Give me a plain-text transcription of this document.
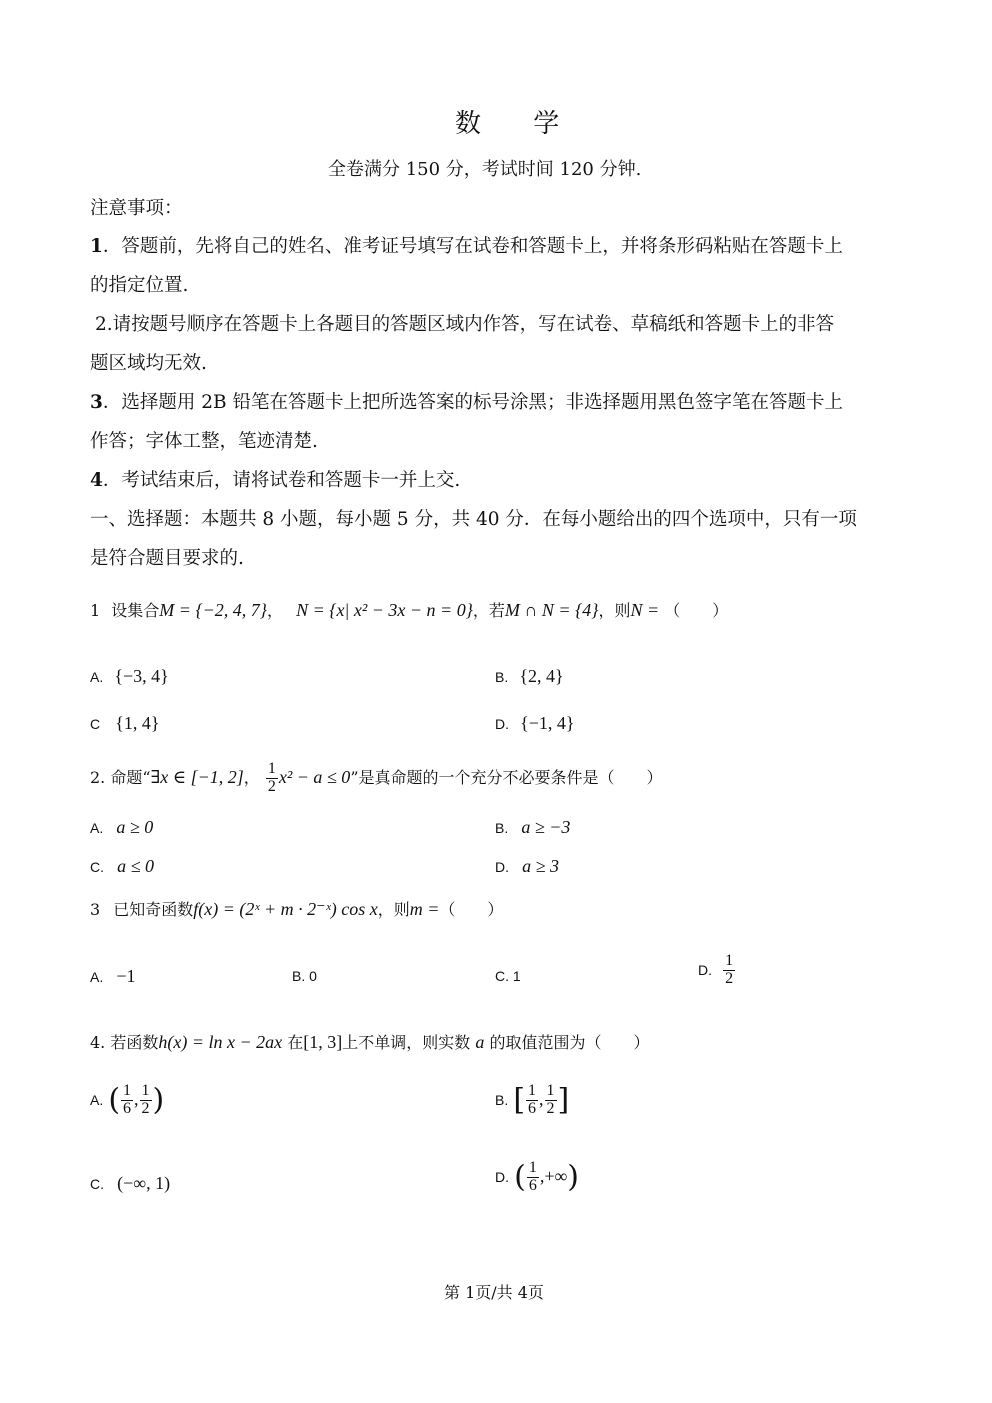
数 学
全卷满分 150 分，考试时间 120 分钟.
注意事项：
1．答题前，先将自己的姓名、准考证号填写在试卷和答题卡上，并将条形码粘贴在答题卡上
的指定位置.
2.请按题号顺序在答题卡上各题目的答题区域内作答，写在试卷、草稿纸和答题卡上的非答
题区域均无效.
3．选择题用 2B 铅笔在答题卡上把所选答案的标号涂黑；非选择题用黑色签字笔在答题卡上
作答；字体工整，笔迹清楚.
4．考试结束后，请将试卷和答题卡一并上交.
一、选择题：本题共 8 小题，每小题 5 分，共 40 分．在每小题给出的四个选项中，只有一项
是符合题目要求的.
1 设集合M = {−2, 4, 7}， N = {x| x² − 3x − n = 0}，若M ∩ N = {4}，则N = （　　）
A. {−3, 4}	B. {2, 4}
C {1, 4}	D. {−1, 4}
2. 命题“∃x ∈ [−1, 2]， $\frac{1}{2} x^2 - a \le 0$”是真命题的一个充分不必要条件是（　　）
A. a ≥ 0	B. a ≥ −3
C. a ≤ 0	D. a ≥ 3
3 已知奇函数f(x) = (2ˣ + m · 2⁻ˣ) cos x，则m =（　　）
A. −1	B. 0	C. 1	D. $\frac{1}{2}$
4. 若函数h(x) = ln x − 2ax 在[1, 3]上不单调，则实数 a 的取值范围为（　　）
A. ( $\frac{1}{6}$ , $\frac{1}{2}$ )	B. [ $\frac{1}{6}$ , $\frac{1}{2}$ ]
C. (−∞, 1)	D. ( $\frac{1}{6}$ ,+∞)
第 1页/共 4页
